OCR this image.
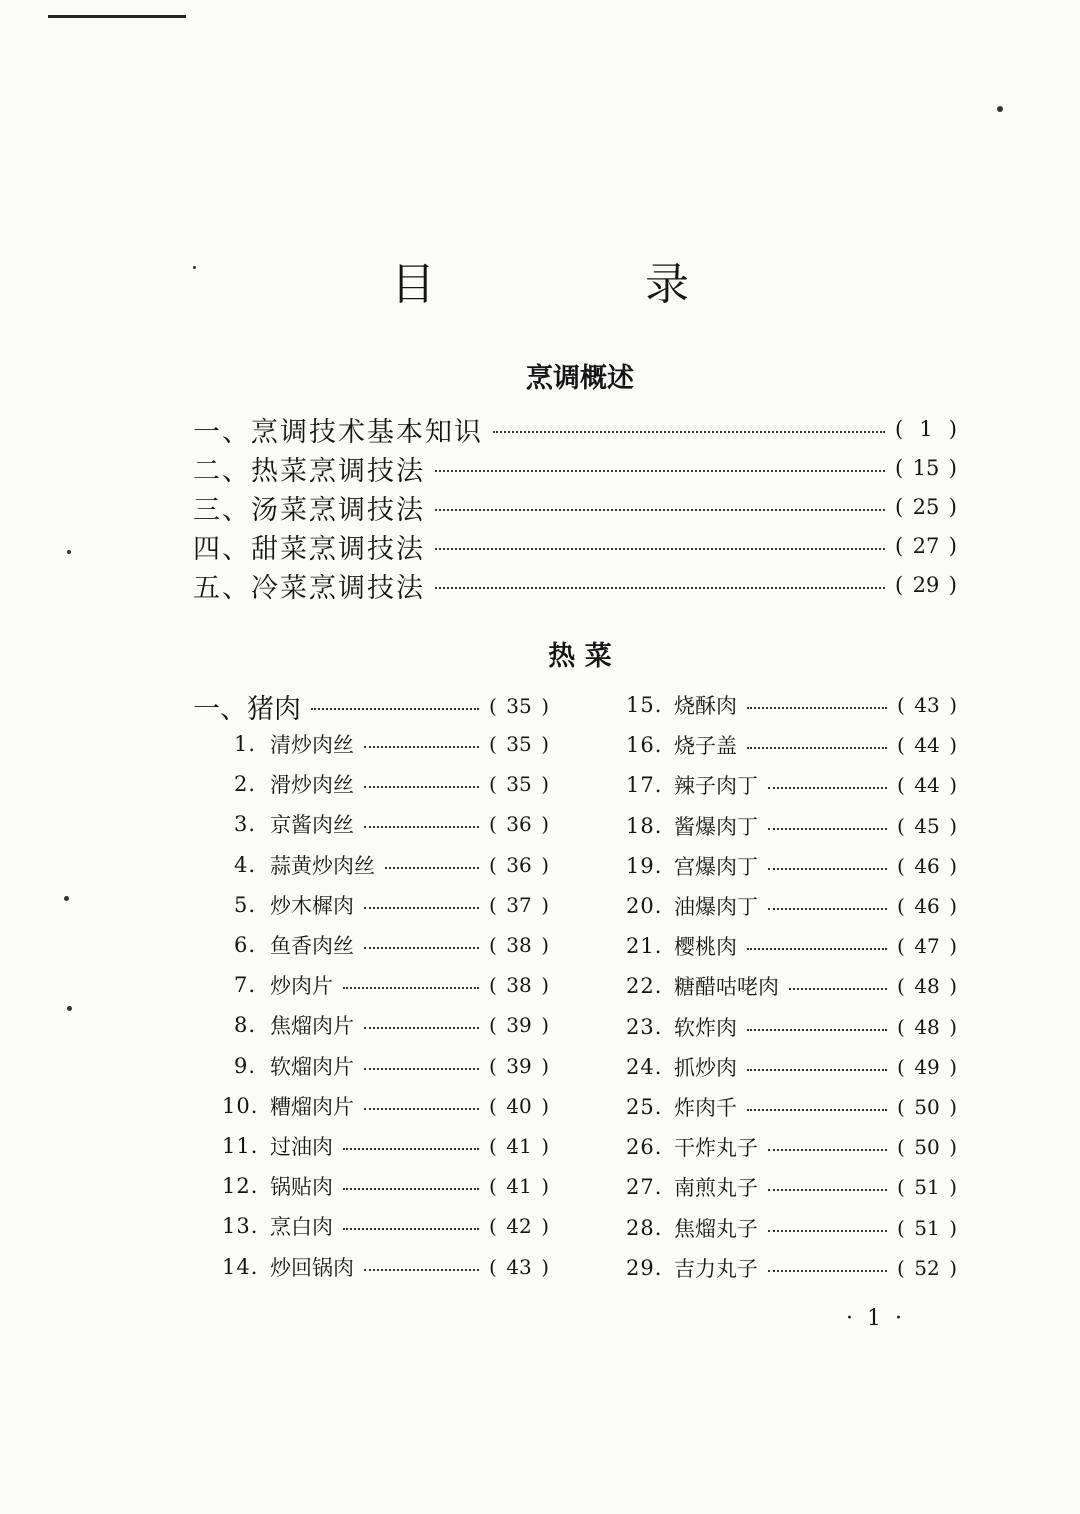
目 录
烹调概述
一、烹调技术基本知识	( 1 )
二、热菜烹调技法	( 15 )
三、汤菜烹调技法	( 25 )
四、甜菜烹调技法	( 27 )
五、冷菜烹调技法	( 29 )
热 菜
一、猪肉	( 35 )
1. 清炒肉丝	( 35 )
2. 滑炒肉丝	( 35 )
3. 京酱肉丝	( 36 )
4. 蒜黄炒肉丝	( 36 )
5. 炒木樨肉	( 37 )
6. 鱼香肉丝	( 38 )
7. 炒肉片	( 38 )
8. 焦熘肉片	( 39 )
9. 软熘肉片	( 39 )
10. 糟熘肉片	( 40 )
11. 过油肉	( 41 )
12. 锅贴肉	( 41 )
13. 烹白肉	( 42 )
14. 炒回锅肉	( 43 )
15. 烧酥肉	( 43 )
16. 烧子盖	( 44 )
17. 辣子肉丁	( 44 )
18. 酱爆肉丁	( 45 )
19. 宫爆肉丁	( 46 )
20. 油爆肉丁	( 46 )
21. 樱桃肉	( 47 )
22. 糖醋咕咾肉	( 48 )
23. 软炸肉	( 48 )
24. 抓炒肉	( 49 )
25. 炸肉千	( 50 )
26. 干炸丸子	( 50 )
27. 南煎丸子	( 51 )
28. 焦熘丸子	( 51 )
29. 吉力丸子	( 52 )
·1·
